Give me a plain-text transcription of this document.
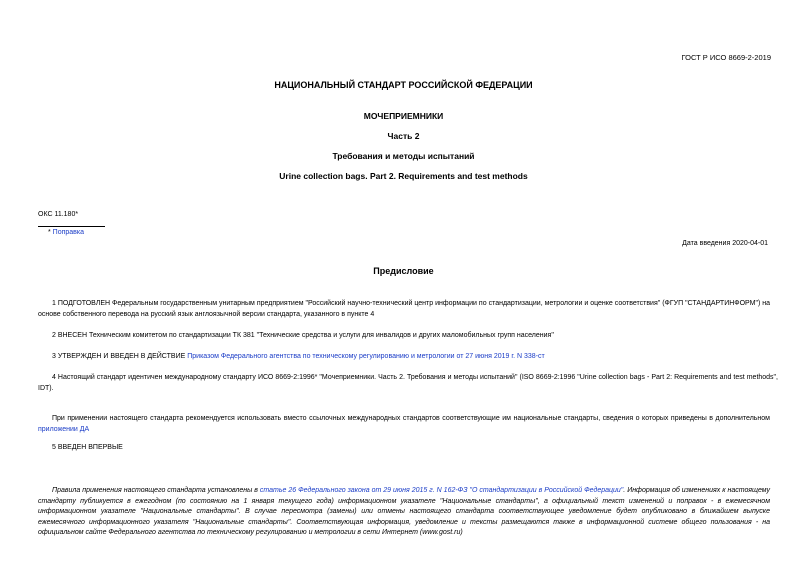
ГОСТ Р ИСО 8669-2-2019
НАЦИОНАЛЬНЫЙ СТАНДАРТ РОССИЙСКОЙ ФЕДЕРАЦИИ
МОЧЕПРИЕМНИКИ
Часть 2
Требования и методы испытаний
Urine collection bags. Part 2. Requirements and test methods
ОКС 11.180*
* Поправка
Дата введения 2020-04-01
Предисловие
1 ПОДГОТОВЛЕН Федеральным государственным унитарным предприятием "Российский научно-технический центр информации по стандартизации, метрологии и оценке соответствия" (ФГУП "СТАНДАРТИНФОРМ") на основе собственного перевода на русский язык англоязычной версии стандарта, указанного в пункте 4
2 ВНЕСЕН Техническим комитетом по стандартизации ТК 381 "Технические средства и услуги для инвалидов и других маломобильных групп населения"
3 УТВЕРЖДЕН И ВВЕДЕН В ДЕЙСТВИЕ Приказом Федерального агентства по техническому регулированию и метрологии от 27 июня 2019 г. N 338-ст
4 Настоящий стандарт идентичен международному стандарту ИСО 8669-2:1996* "Мочеприемники. Часть 2. Требования и методы испытаний" (ISO 8669-2:1996 "Urine collection bags - Part 2: Requirements and test methods", IDT).
При применении настоящего стандарта рекомендуется использовать вместо ссылочных международных стандартов соответствующие им национальные стандарты, сведения о которых приведены в дополнительном приложении ДА
5 ВВЕДЕН ВПЕРВЫЕ
Правила применения настоящего стандарта установлены в статье 26 Федерального закона от 29 июня 2015 г. N 162-ФЗ "О стандартизации в Российской Федерации". Информация об изменениях к настоящему стандарту публикуется в ежегодном (по состоянию на 1 января текущего года) информационном указателе "Национальные стандарты", а официальный текст изменений и поправок - в ежемесячном информационном указателе "Национальные стандарты". В случае пересмотра (замены) или отмены настоящего стандарта соответствующее уведомление будет опубликовано в ближайшем выпуске ежемесячного информационного указателя "Национальные стандарты". Соответствующая информация, уведомление и тексты размещаются также в информационной системе общего пользования - на официальном сайте Федерального агентства по техническому регулированию и метрологии в сети Интернет (www.gost.ru)
